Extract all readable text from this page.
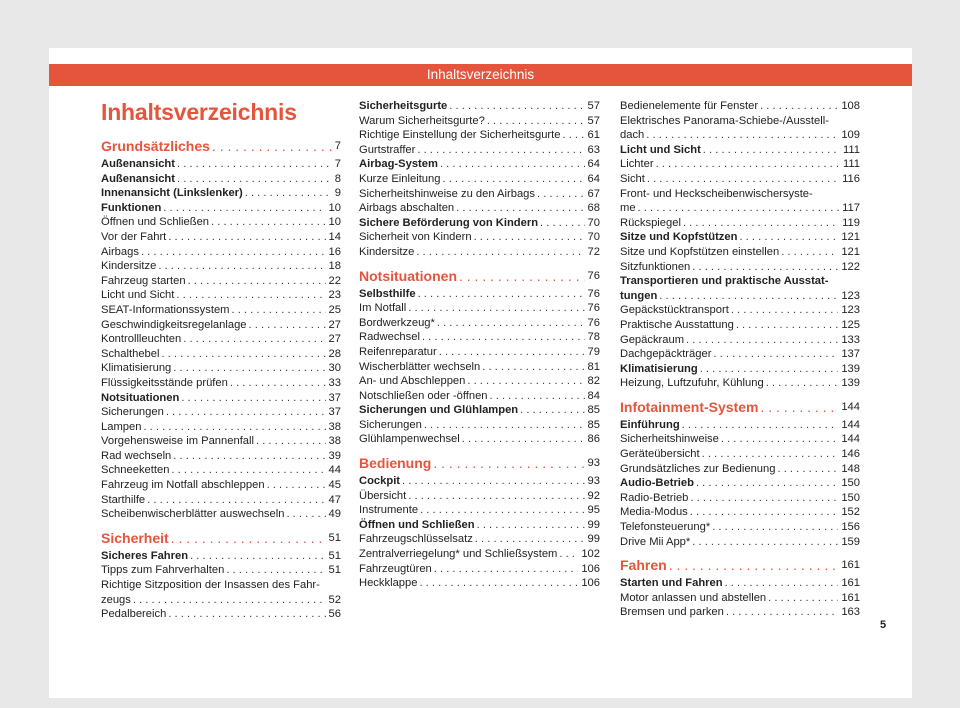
Inhaltsverzeichnis
Inhaltsverzeichnis
Grundsätzliches . . .	7
Außenansicht . . .	7
Außenansicht . . .	8
Innenansicht (Linkslenker) . . .	9
Funktionen . . .	10
Öffnen und Schließen . . .	10
Vor der Fahrt . . .	14
Airbags . . .	16
Kindersitze . . .	18
Fahrzeug starten . . .	22
Licht und Sicht . . .	23
SEAT-Informationssystem . . .	25
Geschwindigkeitsregelanlage . . .	27
Kontrollleuchten . . .	27
Schalthebel . . .	28
Klimatisierung . . .	30
Flüssigkeitsstände prüfen . . .	33
Notsituationen . . .	37
Sicherungen . . .	37
Lampen . . .	38
Vorgehensweise im Pannenfall . . .	38
Rad wechseln . . .	39
Schneeketten . . .	44
Fahrzeug im Notfall abschleppen . . .	45
Starthilfe . . .	47
Scheibenwischerblätter auswechseln . . .	49
Sicherheit . . .	51
Sicheres Fahren . . .	51
Tipps zum Fahrverhalten . . .	51
Richtige Sitzposition der Insassen des Fahr-
zeugs . . .	52
Pedalbereich . . .	56
Sicherheitsgurte . . .	57
Warum Sicherheitsgurte? . . .	57
Richtige Einstellung der Sicherheitsgurte . . . 61
Gurtstraffer . . .	63
Airbag-System . . .	64
Kurze Einleitung . . .	64
Sicherheitshinweise zu den Airbags . . .	67
Airbags abschalten . . .	68
Sichere Beförderung von Kindern . . .	70
Sicherheit von Kindern . . .	70
Kindersitze . . .	72
Notsituationen . . .	76
Selbsthilfe . . .	76
Im Notfall . . .	76
Bordwerkzeug* . . .	76
Radwechsel . . .	78
Reifenreparatur . . .	79
Wischerblätter wechseln . . .	81
An- und Abschleppen . . .	82
Notschließen oder -öffnen . . .	84
Sicherungen und Glühlampen . . .	85
Sicherungen . . .	85
Glühlampenwechsel . . .	86
Bedienung . . .	93
Cockpit . . .	93
Übersicht . . .	92
Instrumente . . .	95
Öffnen und Schließen . . .	99
Fahrzeugschlüsselsatz . . .	99
Zentralverriegelung* und Schließsystem . . . 102
Fahrzeugtüren . . .	106
Heckklappe . . .	106
Bedienelemente für Fenster . . .	108
Elektrisches Panorama-Schiebe-/Ausstell-
dach . . .	109
Licht und Sicht . . .	111
Lichter . . .	111
Sicht . . .	116
Front- und Heckscheibenwischersyste-
me . . .	117
Rückspiegel . . .	119
Sitze und Kopfstützen . . .	121
Sitze und Kopfstützen einstellen . . .	121
Sitzfunktionen . . .	122
Transportieren und praktische Ausstat-
tungen . . .	123
Gepäckstücktransport . . .	123
Praktische Ausstattung . . .	125
Gepäckraum . . .	133
Dachgepäckträger . . .	137
Klimatisierung . . .	139
Heizung, Luftzufuhr, Kühlung . . .	139
Infotainment-System . . .	144
Einführung . . .	144
Sicherheitshinweise . . .	144
Geräteübersicht . . .	146
Grundsätzliches zur Bedienung . . .	148
Audio-Betrieb . . .	150
Radio-Betrieb . . .	150
Media-Modus . . .	152
Telefonsteuerung* . . .	156
Drive Mii App* . . .	159
Fahren . . .	161
Starten und Fahren . . .	161
Motor anlassen und abstellen . . .	161
Bremsen und parken . . .	163
5
